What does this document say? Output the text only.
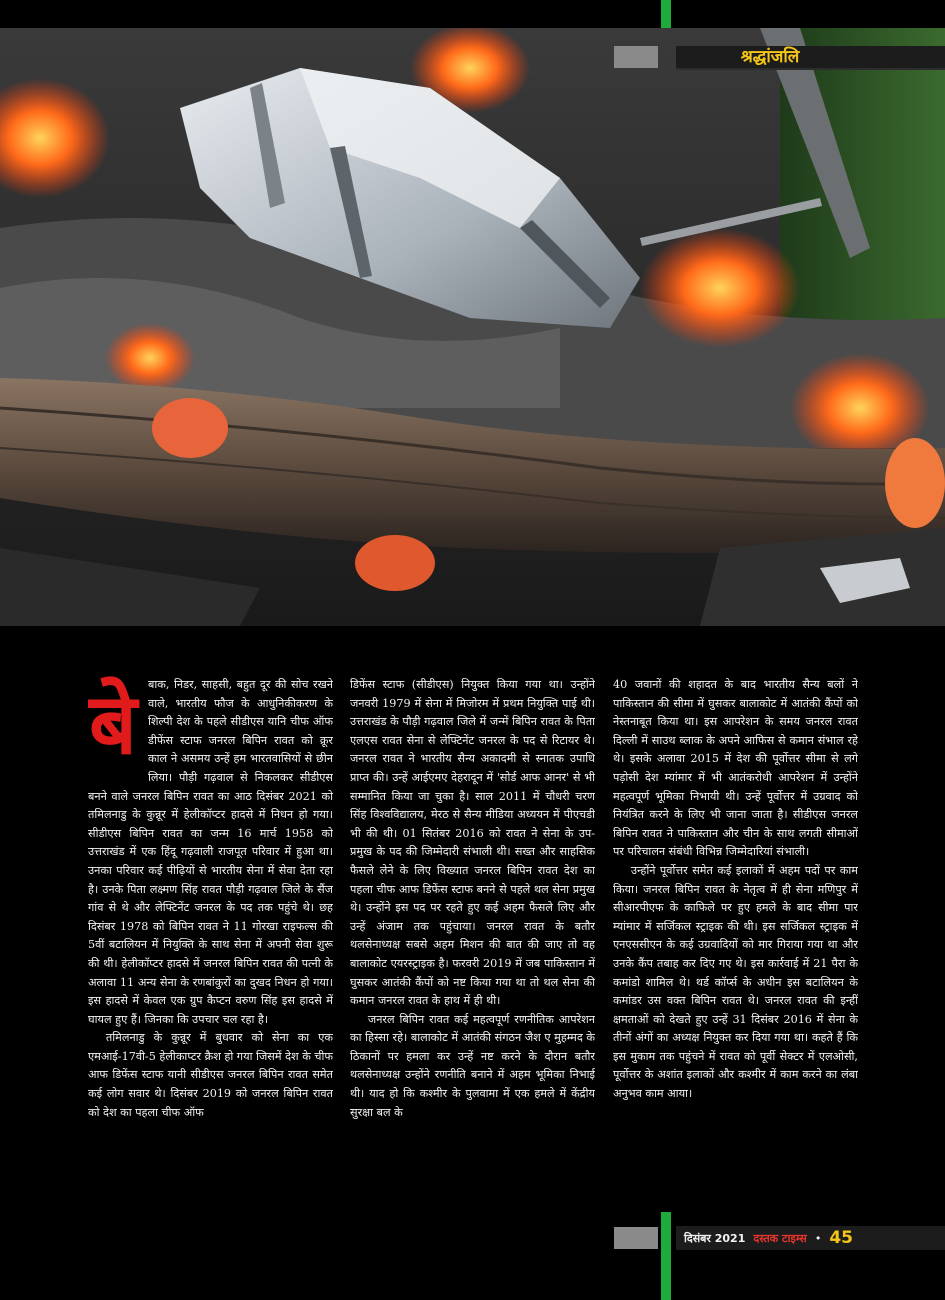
श्रद्धांजलि
बे बाक, निडर, साहसी, बहुत दूर की सोच रखने वाले, भारतीय फौज के आधुनिकीकरण के शिल्पी देश के पहले सीडीएस यानि चीफ ऑफ डीफेंस स्टाफ जनरल बिपिन रावत को क्रूर काल ने असमय उन्हें हम भारतवासियों से छीन लिया। पौड़ी गढ़वाल से निकलकर सीडीएस बनने वाले जनरल बिपिन रावत का आठ दिसंबर 2021 को तमिलनाडु के कुन्नूर में हेलीकॉप्टर हादसे में निधन हो गया। सीडीएस बिपिन रावत का जन्म 16 मार्च 1958 को उत्तराखंड में एक हिंदू गढ़वाली राजपूत परिवार में हुआ था। उनका परिवार कई पीढ़ियों से भारतीय सेना में सेवा देता रहा है। उनके पिता लक्ष्मण सिंह रावत पौड़ी गढ़वाल जिले के सैंज गांव से थे और लेफ्टिनेंट जनरल के पद तक पहुंचे थे। छह दिसंबर 1978 को बिपिन रावत ने 11 गोरखा राइफल्स की 5वीं बटालियन में नियुक्ति के साथ सेना में अपनी सेवा शुरू की थी। हेलीकॉप्टर हादसे में जनरल बिपिन रावत की पत्नी के अलावा 11 अन्य सेना के रणबांकुरों का दुखद निधन हो गया। इस हादसे में केवल एक ग्रुप कैप्टन वरुण सिंह इस हादसे में घायल हुए हैं। जिनका कि उपचार चल रहा है।

तमिलनाडु के कुन्नूर में बुधवार को सेना का एक एमआई-17वी-5 हेलीकाप्टर क्रैश हो गया जिसमें देश के चीफ आफ डिफेंस स्टाफ यानी सीडीएस जनरल बिपिन रावत समेत कई लोग सवार थे। दिसंबर 2019 को जनरल बिपिन रावत को देश का पहला चीफ ऑफ

डिफेंस स्टाफ (सीडीएस) नियुक्त किया गया था। उन्होंने जनवरी 1979 में सेना में मिजोरम में प्रथम नियुक्ति पाई थी। उत्तराखंड के पौड़ी गढ़वाल जिले में जन्में बिपिन रावत के पिता एलएस रावत सेना से लेफ्टिनेंट जनरल के पद से रिटायर थे। जनरल रावत ने भारतीय सैन्य अकादमी से स्नातक उपाधि प्राप्त की। उन्हें आईएमए देहरादून में 'सोर्ड आफ आनर' से भी सम्मानित किया जा चुका है। साल 2011 में चौधरी चरण सिंह विश्वविद्यालय, मेरठ से सैन्य मीडिया अध्ययन में पीएचडी भी की थी। 01 सितंबर 2016 को रावत ने सेना के उप-प्रमुख के पद की जिम्मेदारी संभाली थी। सख्त और साहसिक फैसले लेने के लिए विख्यात जनरल बिपिन रावत देश का पहला चीफ आफ डिफेंस स्टाफ बनने से पहले थल सेना प्रमुख थे। उन्होंने इस पद पर रहते हुए कई अहम फैसले लिए और उन्हें अंजाम तक पहुंचाया। जनरल रावत के बतौर थलसेनाध्यक्ष सबसे अहम मिशन की बात की जाए तो वह बालाकोट एयरस्ट्राइक है। फरवरी 2019 में जब पाकिस्तान में घुसकर आतंकी कैंपों को नष्ट किया गया था तो थल सेना की कमान जनरल रावत के हाथ में ही थी।

जनरल बिपिन रावत कई महत्वपूर्ण रणनीतिक आपरेशन का हिस्सा रहे। बालाकोट में आतंकी संगठन जैश ए मुहम्मद के ठिकानों पर हमला कर उन्हें नष्ट करने के दौरान बतौर थलसेनाध्यक्ष उन्होंने रणनीति बनाने में अहम भूमिका निभाई थी। याद हो कि कश्मीर के पुलवामा में एक हमले में केंद्रीय सुरक्षा बल के

40 जवानों की शहादत के बाद भारतीय सैन्य बलों ने पाकिस्तान की सीमा में घुसकर बालाकोट में आतंकी कैंपों को नेस्तनाबूत किया था। इस आपरेशन के समय जनरल रावत दिल्ली में साउथ ब्लाक के अपने आफिस से कमान संभाल रहे थे। इसके अलावा 2015 में देश की पूर्वोत्तर सीमा से लगे पड़ोसी देश म्यांमार में भी आतंकरोधी आपरेशन में उन्होंने महत्वपूर्ण भूमिका निभायी थी। उन्हें पूर्वोत्तर में उग्रवाद को नियंत्रित करने के लिए भी जाना जाता है। सीडीएस जनरल बिपिन रावत ने पाकिस्तान और चीन के साथ लगती सीमाओं पर परिचालन संबंधी विभिन्न जिम्मेदारियां संभाली।

उन्होंने पूर्वोत्तर समेत कई इलाकों में अहम पदों पर काम किया। जनरल बिपिन रावत के नेतृत्व में ही सेना मणिपुर में सीआरपीएफ के काफिले पर हुए हमले के बाद सीमा पार म्यांमार में सर्जिकल स्ट्राइक की थी। इस सर्जिकल स्ट्राइक में एनएससीएन के कई उग्रवादियों को मार गिराया गया था और उनके कैंप तबाह कर दिए गए थे। इस कार्रवाई में 21 पैरा के कमांडो शामिल थे। थर्ड कॉर्प्स के अधीन इस बटालियन के कमांडर उस वक्त बिपिन रावत थे। जनरल रावत की इन्हीं क्षमताओं को देखते हुए उन्हें 31 दिसंबर 2016 में सेना के तीनों अंगों का अध्यक्ष नियुक्त कर दिया गया था। कहते हैं कि इस मुकाम तक पहुंचने में रावत को पूर्वी सेक्टर में एलओसी, पूर्वोत्तर के अशांत इलाकों और कश्मीर में काम करने का लंबा अनुभव काम आया।

दिसंबर 2021 दस्तक टाइम्स • 45
